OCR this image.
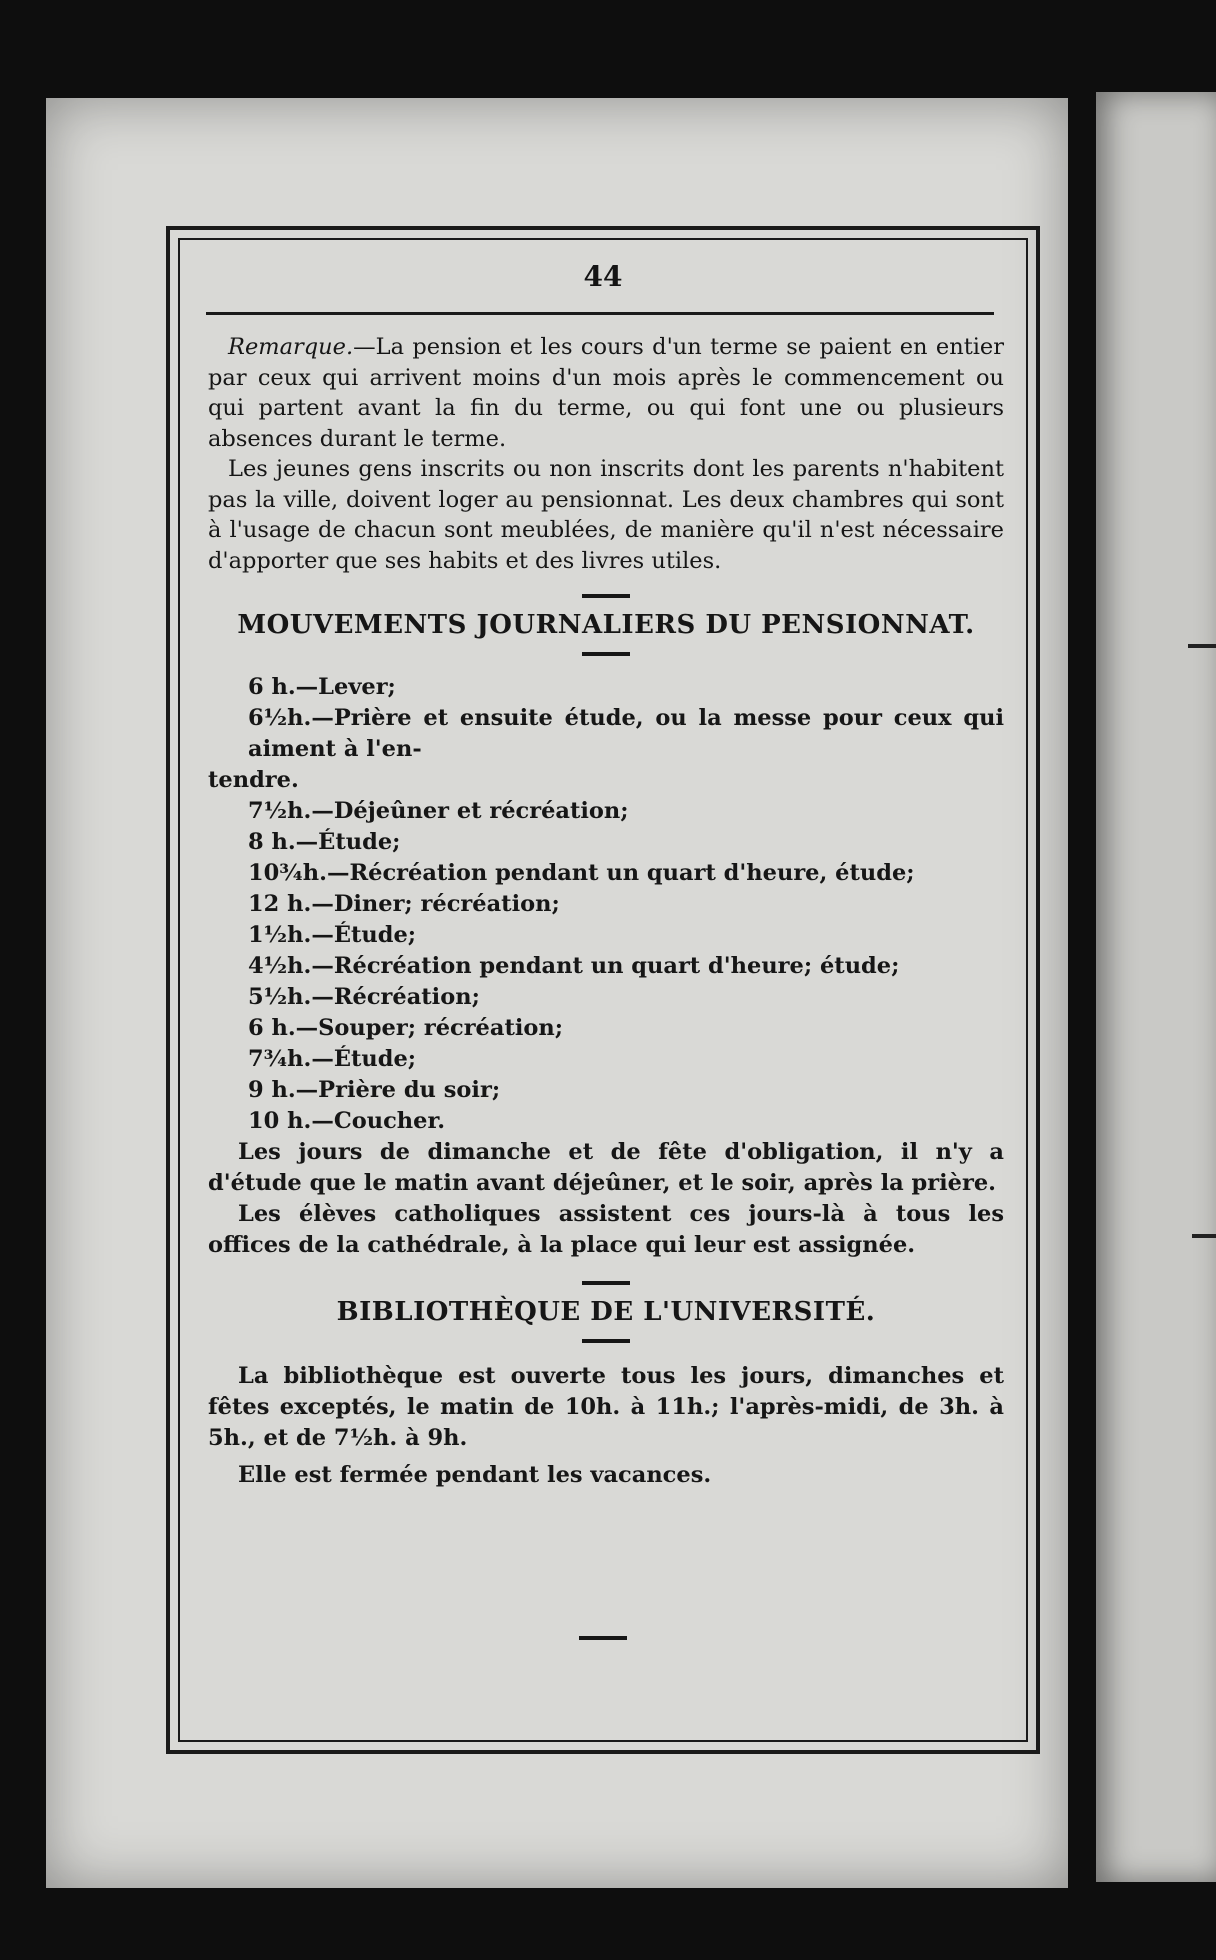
44

Remarque.—La pension et les cours d'un terme se paient en entier par ceux qui arrivent moins d'un mois après le commencement ou qui partent avant la fin du terme, ou qui font une ou plusieurs absences durant le terme.

Les jeunes gens inscrits ou non inscrits dont les parents n'habitent pas la ville, doivent loger au pensionnat. Les deux chambres qui sont à l'usage de chacun sont meublées, de manière qu'il n'est nécessaire d'apporter que ses habits et des livres utiles.

MOUVEMENTS JOURNALIERS DU PENSIONNAT.

6 h.—Lever;

6½h.—Prière et ensuite étude, ou la messe pour ceux qui aiment à l'en-

tendre.

7½h.—Déjeûner et récréation;

8 h.—Étude;

10¾h.—Récréation pendant un quart d'heure, étude;

12 h.—Diner; récréation;

1½h.—Étude;

4½h.—Récréation pendant un quart d'heure; étude;

5½h.—Récréation;

6 h.—Souper; récréation;

7¾h.—Étude;

9 h.—Prière du soir;

10 h.—Coucher.

Les jours de dimanche et de fête d'obligation, il n'y a d'étude que le matin avant déjeûner, et le soir, après la prière.

Les élèves catholiques assistent ces jours-là à tous les offices de la cathédrale, à la place qui leur est assignée.

BIBLIOTHÈQUE DE L'UNIVERSITÉ.

La bibliothèque est ouverte tous les jours, dimanches et fêtes exceptés, le matin de 10h. à 11h.; l'après-midi, de 3h. à 5h., et de 7½h. à 9h.

Elle est fermée pendant les vacances.
